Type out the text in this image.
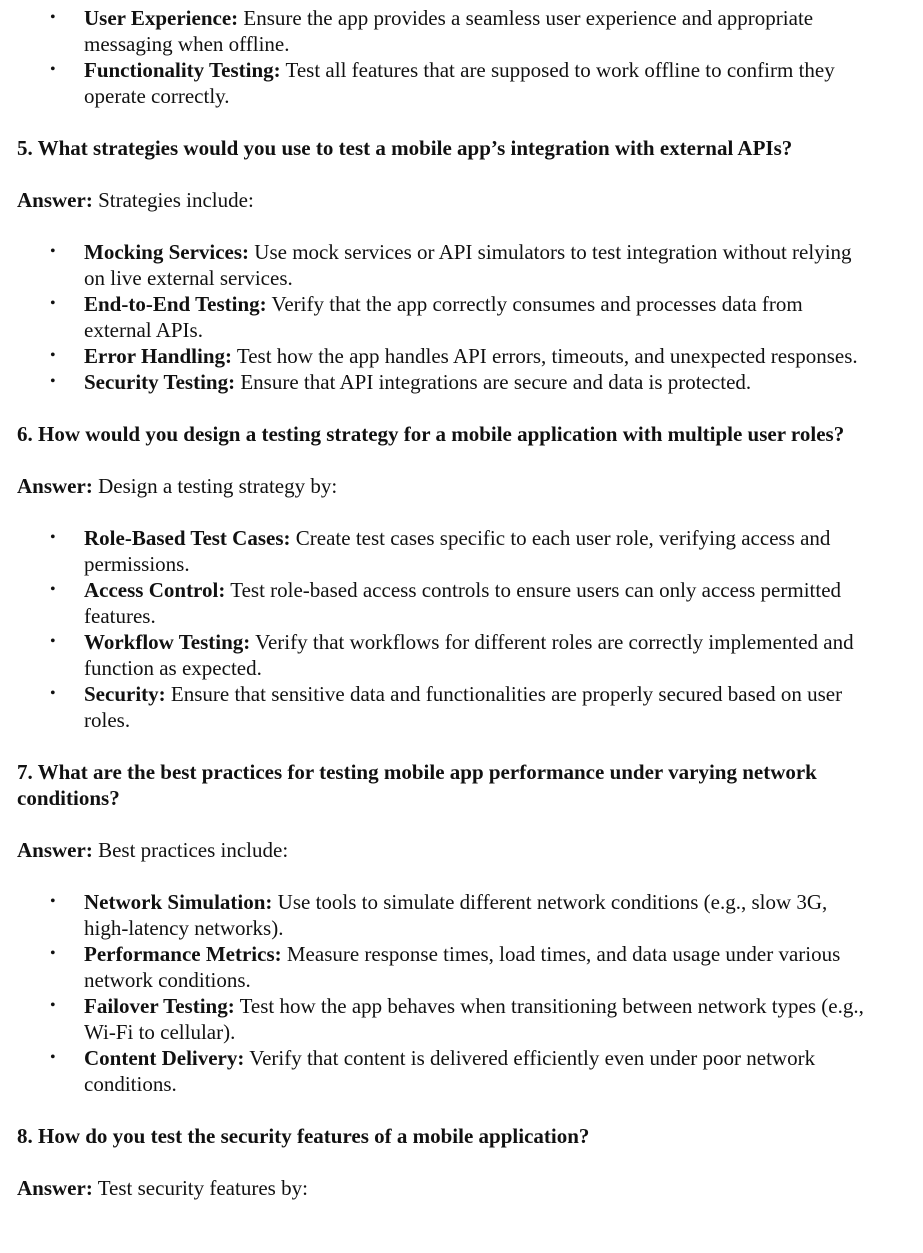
• User Experience: Ensure the app provides a seamless user experience and appropriate messaging when offline.
• Functionality Testing: Test all features that are supposed to work offline to confirm they operate correctly.

5. What strategies would you use to test a mobile app’s integration with external APIs?

Answer: Strategies include:

• Mocking Services: Use mock services or API simulators to test integration without relying on live external services.
• End-to-End Testing: Verify that the app correctly consumes and processes data from external APIs.
• Error Handling: Test how the app handles API errors, timeouts, and unexpected responses.
• Security Testing: Ensure that API integrations are secure and data is protected.

6. How would you design a testing strategy for a mobile application with multiple user roles?

Answer: Design a testing strategy by:

• Role-Based Test Cases: Create test cases specific to each user role, verifying access and permissions.
• Access Control: Test role-based access controls to ensure users can only access permitted features.
• Workflow Testing: Verify that workflows for different roles are correctly implemented and function as expected.
• Security: Ensure that sensitive data and functionalities are properly secured based on user roles.

7. What are the best practices for testing mobile app performance under varying network conditions?

Answer: Best practices include:

• Network Simulation: Use tools to simulate different network conditions (e.g., slow 3G, high-latency networks).
• Performance Metrics: Measure response times, load times, and data usage under various network conditions.
• Failover Testing: Test how the app behaves when transitioning between network types (e.g., Wi-Fi to cellular).
• Content Delivery: Verify that content is delivered efficiently even under poor network conditions.

8. How do you test the security features of a mobile application?

Answer: Test security features by:
